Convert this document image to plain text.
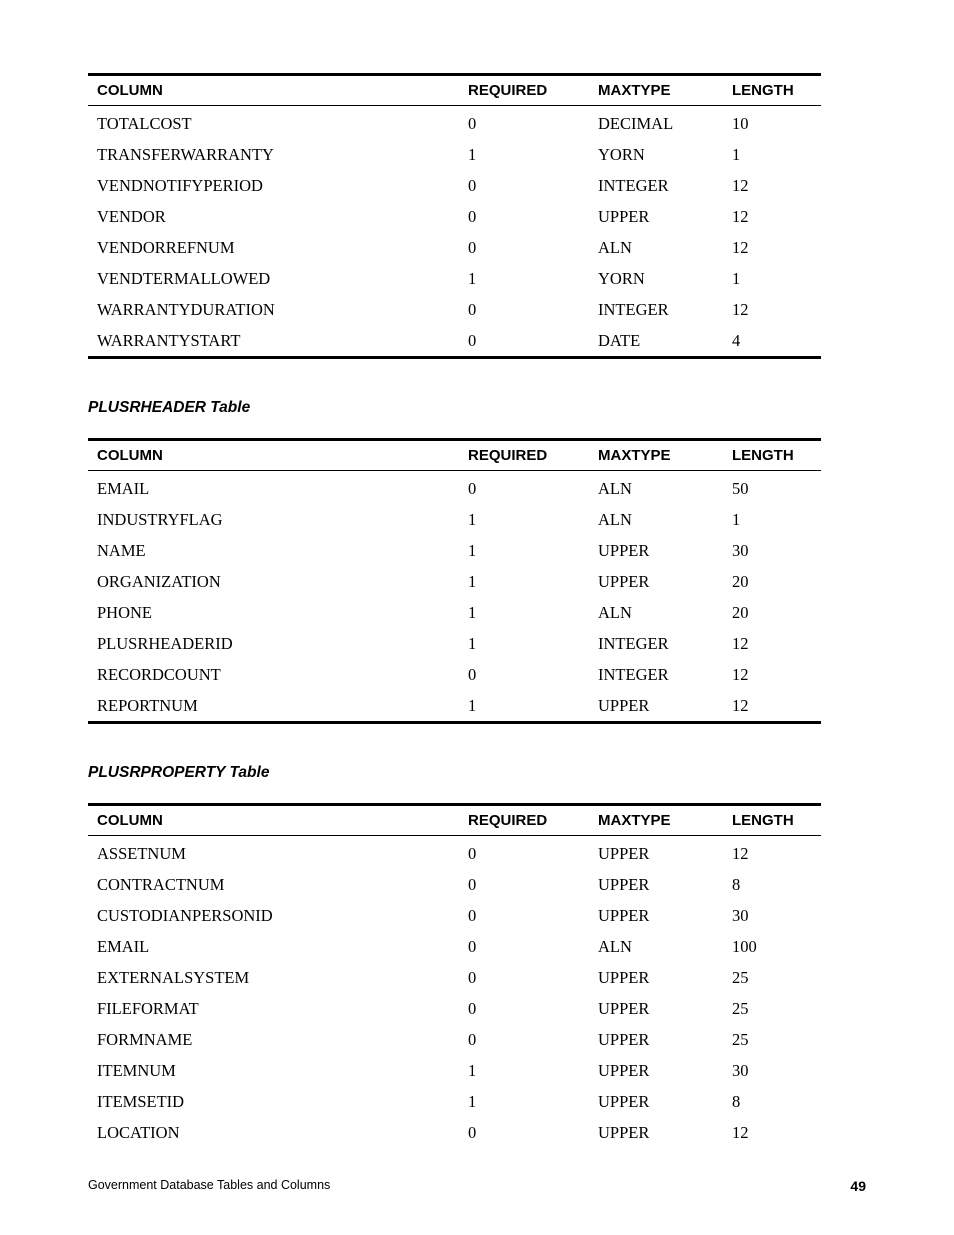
COLUMN	REQUIRED	MAXTYPE	LENGTH
TOTALCOST	0	DECIMAL	10
TRANSFERWARRANTY	1	YORN	1
VENDNOTIFYPERIOD	0	INTEGER	12
VENDOR	0	UPPER	12
VENDORREFNUM	0	ALN	12
VENDTERMALLOWED	1	YORN	1
WARRANTYDURATION	0	INTEGER	12
WARRANTYSTART	0	DATE	4
PLUSRHEADER Table
COLUMN	REQUIRED	MAXTYPE	LENGTH
EMAIL	0	ALN	50
INDUSTRYFLAG	1	ALN	1
NAME	1	UPPER	30
ORGANIZATION	1	UPPER	20
PHONE	1	ALN	20
PLUSRHEADERID	1	INTEGER	12
RECORDCOUNT	0	INTEGER	12
REPORTNUM	1	UPPER	12
PLUSRPROPERTY Table
COLUMN	REQUIRED	MAXTYPE	LENGTH
ASSETNUM	0	UPPER	12
CONTRACTNUM	0	UPPER	8
CUSTODIANPERSONID	0	UPPER	30
EMAIL	0	ALN	100
EXTERNALSYSTEM	0	UPPER	25
FILEFORMAT	0	UPPER	25
FORMNAME	0	UPPER	25
ITEMNUM	1	UPPER	30
ITEMSETID	1	UPPER	8
LOCATION	0	UPPER	12
Government Database Tables and Columns	49
